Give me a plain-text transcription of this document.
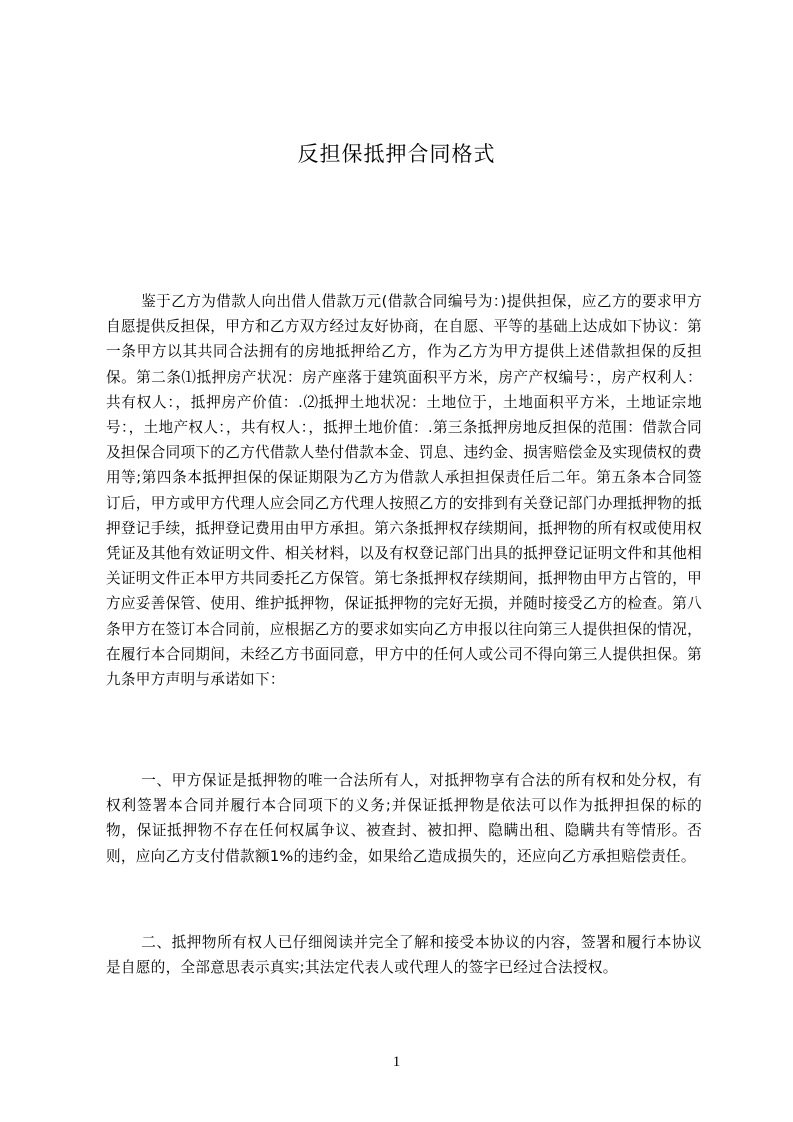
反担保抵押合同格式

鉴于乙方为借款人向出借人借款万元(借款合同编号为：)提供担保，应乙方的要求甲方自愿提供反担保，甲方和乙方双方经过友好协商，在自愿、平等的基础上达成如下协议：第一条甲方以其共同合法拥有的房地抵押给乙方，作为乙方为甲方提供上述借款担保的反担保。第二条⑴抵押房产状况：房产座落于建筑面积平方米，房产产权编号：，房产权利人：共有权人：，抵押房产价值：.⑵抵押土地状况：土地位于，土地面积平方米，土地证宗地号：，土地产权人：，共有权人：，抵押土地价值：.第三条抵押房地反担保的范围：借款合同及担保合同项下的乙方代借款人垫付借款本金、罚息、违约金、损害赔偿金及实现债权的费用等;第四条本抵押担保的保证期限为乙方为借款人承担担保责任后二年。第五条本合同签订后，甲方或甲方代理人应会同乙方代理人按照乙方的安排到有关登记部门办理抵押物的抵押登记手续，抵押登记费用由甲方承担。第六条抵押权存续期间，抵押物的所有权或使用权凭证及其他有效证明文件、相关材料，以及有权登记部门出具的抵押登记证明文件和其他相关证明文件正本甲方共同委托乙方保管。第七条抵押权存续期间，抵押物由甲方占管的，甲方应妥善保管、使用、维护抵押物，保证抵押物的完好无损，并随时接受乙方的检查。第八条甲方在签订本合同前，应根据乙方的要求如实向乙方申报以往向第三人提供担保的情况，在履行本合同期间，未经乙方书面同意，甲方中的任何人或公司不得向第三人提供担保。第九条甲方声明与承诺如下：

一、甲方保证是抵押物的唯一合法所有人，对抵押物享有合法的所有权和处分权，有权利签署本合同并履行本合同项下的义务;并保证抵押物是依法可以作为抵押担保的标的物，保证抵押物不存在任何权属争议、被查封、被扣押、隐瞒出租、隐瞒共有等情形。否则，应向乙方支付借款额1%的违约金，如果给乙造成损失的，还应向乙方承担赔偿责任。

二、抵押物所有权人已仔细阅读并完全了解和接受本协议的内容，签署和履行本协议是自愿的，全部意思表示真实;其法定代表人或代理人的签字已经过合法授权。

1
